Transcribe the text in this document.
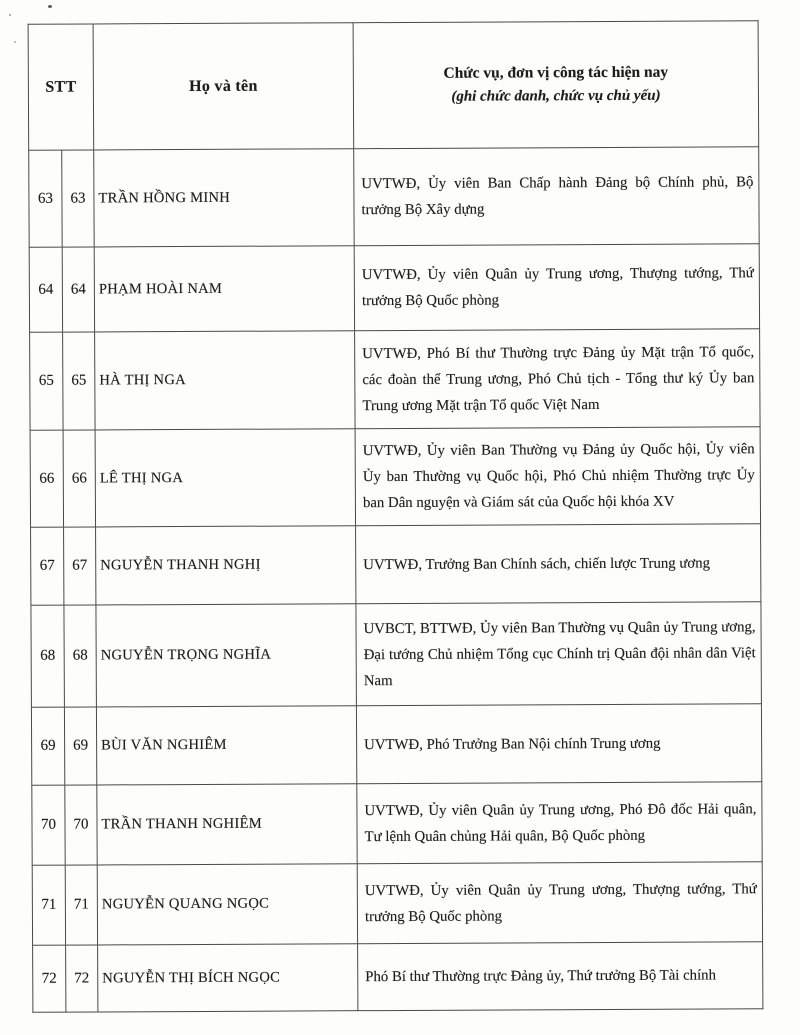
STT		Họ và tên	Chức vụ, đơn vị công tác hiện nay
(ghi chức danh, chức vụ chủ yếu)

63	63	TRẦN HỒNG MINH	UVTWĐ, Ủy viên Ban Chấp hành Đảng bộ Chính phủ, Bộ trưởng Bộ Xây dựng
64	64	PHẠM HOÀI NAM	UVTWĐ, Ủy viên Quân ủy Trung ương, Thượng tướng, Thứ trưởng Bộ Quốc phòng
65	65	HÀ THỊ NGA	UVTWĐ, Phó Bí thư Thường trực Đảng ủy Mặt trận Tổ quốc, các đoàn thể Trung ương, Phó Chủ tịch - Tổng thư ký Ủy ban Trung ương Mặt trận Tổ quốc Việt Nam
66	66	LÊ THỊ NGA	UVTWĐ, Ủy viên Ban Thường vụ Đảng ủy Quốc hội, Ủy viên Ủy ban Thường vụ Quốc hội, Phó Chủ nhiệm Thường trực Ủy ban Dân nguyện và Giám sát của Quốc hội khóa XV
67	67	NGUYỄN THANH NGHỊ	UVTWĐ, Trưởng Ban Chính sách, chiến lược Trung ương
68	68	NGUYỄN TRỌNG NGHĨA	UVBCT, BTTWĐ, Ủy viên Ban Thường vụ Quân ủy Trung ương, Đại tướng Chủ nhiệm Tổng cục Chính trị Quân đội nhân dân Việt Nam
69	69	BÙI VĂN NGHIÊM	UVTWĐ, Phó Trưởng Ban Nội chính Trung ương
70	70	TRẦN THANH NGHIÊM	UVTWĐ, Ủy viên Quân ủy Trung ương, Phó Đô đốc Hải quân, Tư lệnh Quân chủng Hải quân, Bộ Quốc phòng
71	71	NGUYỄN QUANG NGỌC	UVTWĐ, Ủy viên Quân ủy Trung ương, Thượng tướng, Thứ trưởng Bộ Quốc phòng
72	72	NGUYỄN THỊ BÍCH NGỌC	Phó Bí thư Thường trực Đảng ủy, Thứ trưởng Bộ Tài chính
